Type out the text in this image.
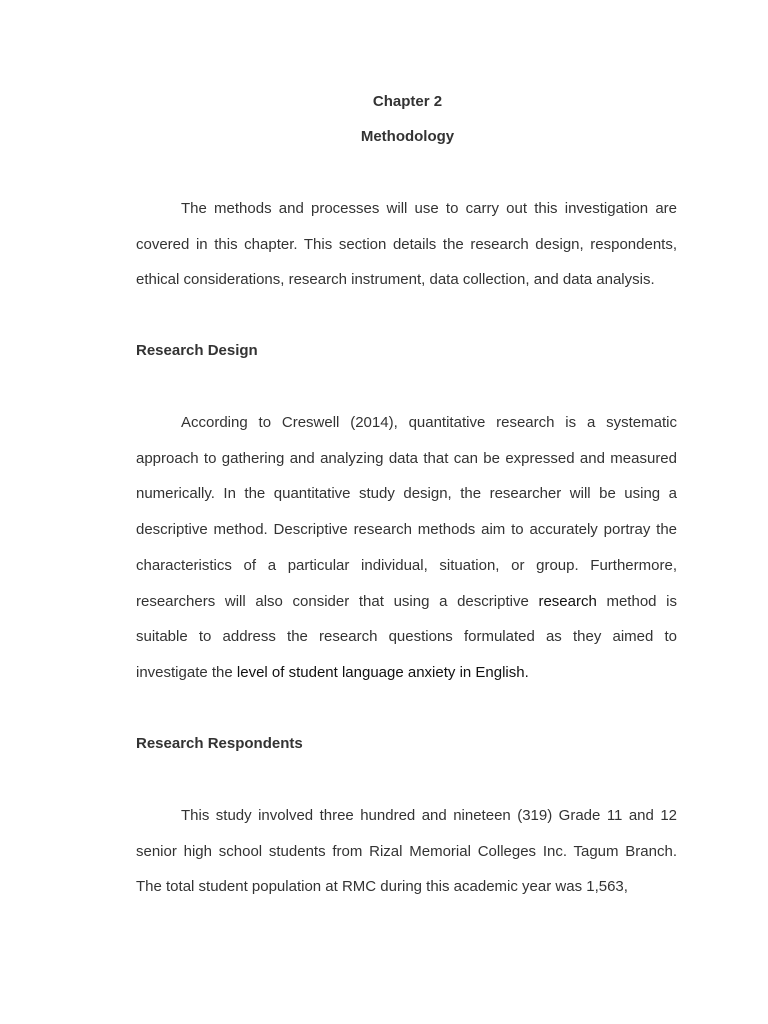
Chapter 2
Methodology

The methods and processes will use to carry out this investigation are covered in this chapter. This section details the research design, respondents, ethical considerations, research instrument, data collection, and data analysis.

Research Design

According to Creswell (2014), quantitative research is a systematic approach to gathering and analyzing data that can be expressed and measured numerically. In the quantitative study design, the researcher will be using a descriptive method. Descriptive research methods aim to accurately portray the characteristics of a particular individual, situation, or group. Furthermore, researchers will also consider that using a descriptive research method is suitable to address the research questions formulated as they aimed to investigate the level of student language anxiety in English.

Research Respondents

This study involved three hundred and nineteen (319) Grade 11 and 12 senior high school students from Rizal Memorial Colleges Inc. Tagum Branch. The total student population at RMC during this academic year was 1,563,
